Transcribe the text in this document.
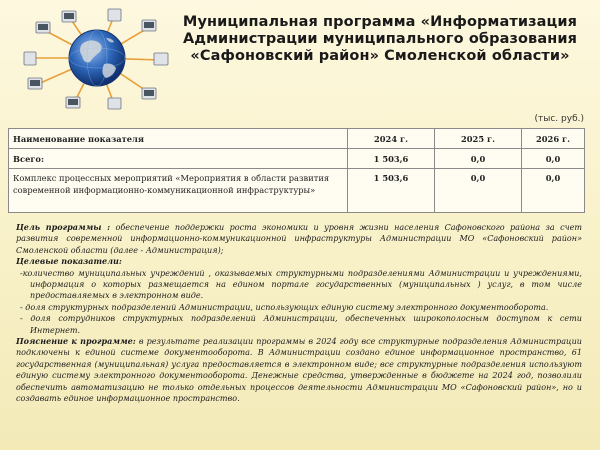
Муниципальная программа «Информатизация Администрации муниципального образования «Сафоновский район» Смоленской области»
(тыс. руб.)
Наименование показателя	2024 г.	2025 г.	2026 г.
Всего:	1 503,6	0,0	0,0
Комплекс процессных мероприятий «Мероприятия в области развития современной информационно-коммуникационной инфраструктуры»	1 503,6	0,0	0,0

Цель программы : обеспечение поддержки роста экономики и уровня жизни населения Сафоновского района за счет развития современной информационно-коммуникационной инфраструктуры Администрации МО «Сафоновский район» Смоленской области (далее - Администрация);

Целевые показатели:

-количество муниципальных учреждений , оказываемых структурными подразделениями Администрации и учреждениями, информация о которых размещается на едином портале государственных (муниципальных ) услуг, в том числе предоставляемых в электронном виде.

- доля структурных подразделений Администрации, использующих единую систему электронного документооборота.

- доля сотрудников структурных подразделений Администрации, обеспеченных широкополосным доступом к сети Интернет.

Пояснение к программе: в результате реализации программы в 2024 году все структурные подразделения Администрации подключены к единой системе документооборота. В Администрации создано единое информационное пространство, 61 государственная (муниципальная) услуга предоставляется в электронном виде; все структурные подразделения используют единую систему электронного документооборота. Денежные средства, утвержденные в бюджете на 2024 год, позволили обеспечить автоматизацию не только отдельных процессов деятельности Администрации МО «Сафоновский район», но и создавать единое информационное пространство.
